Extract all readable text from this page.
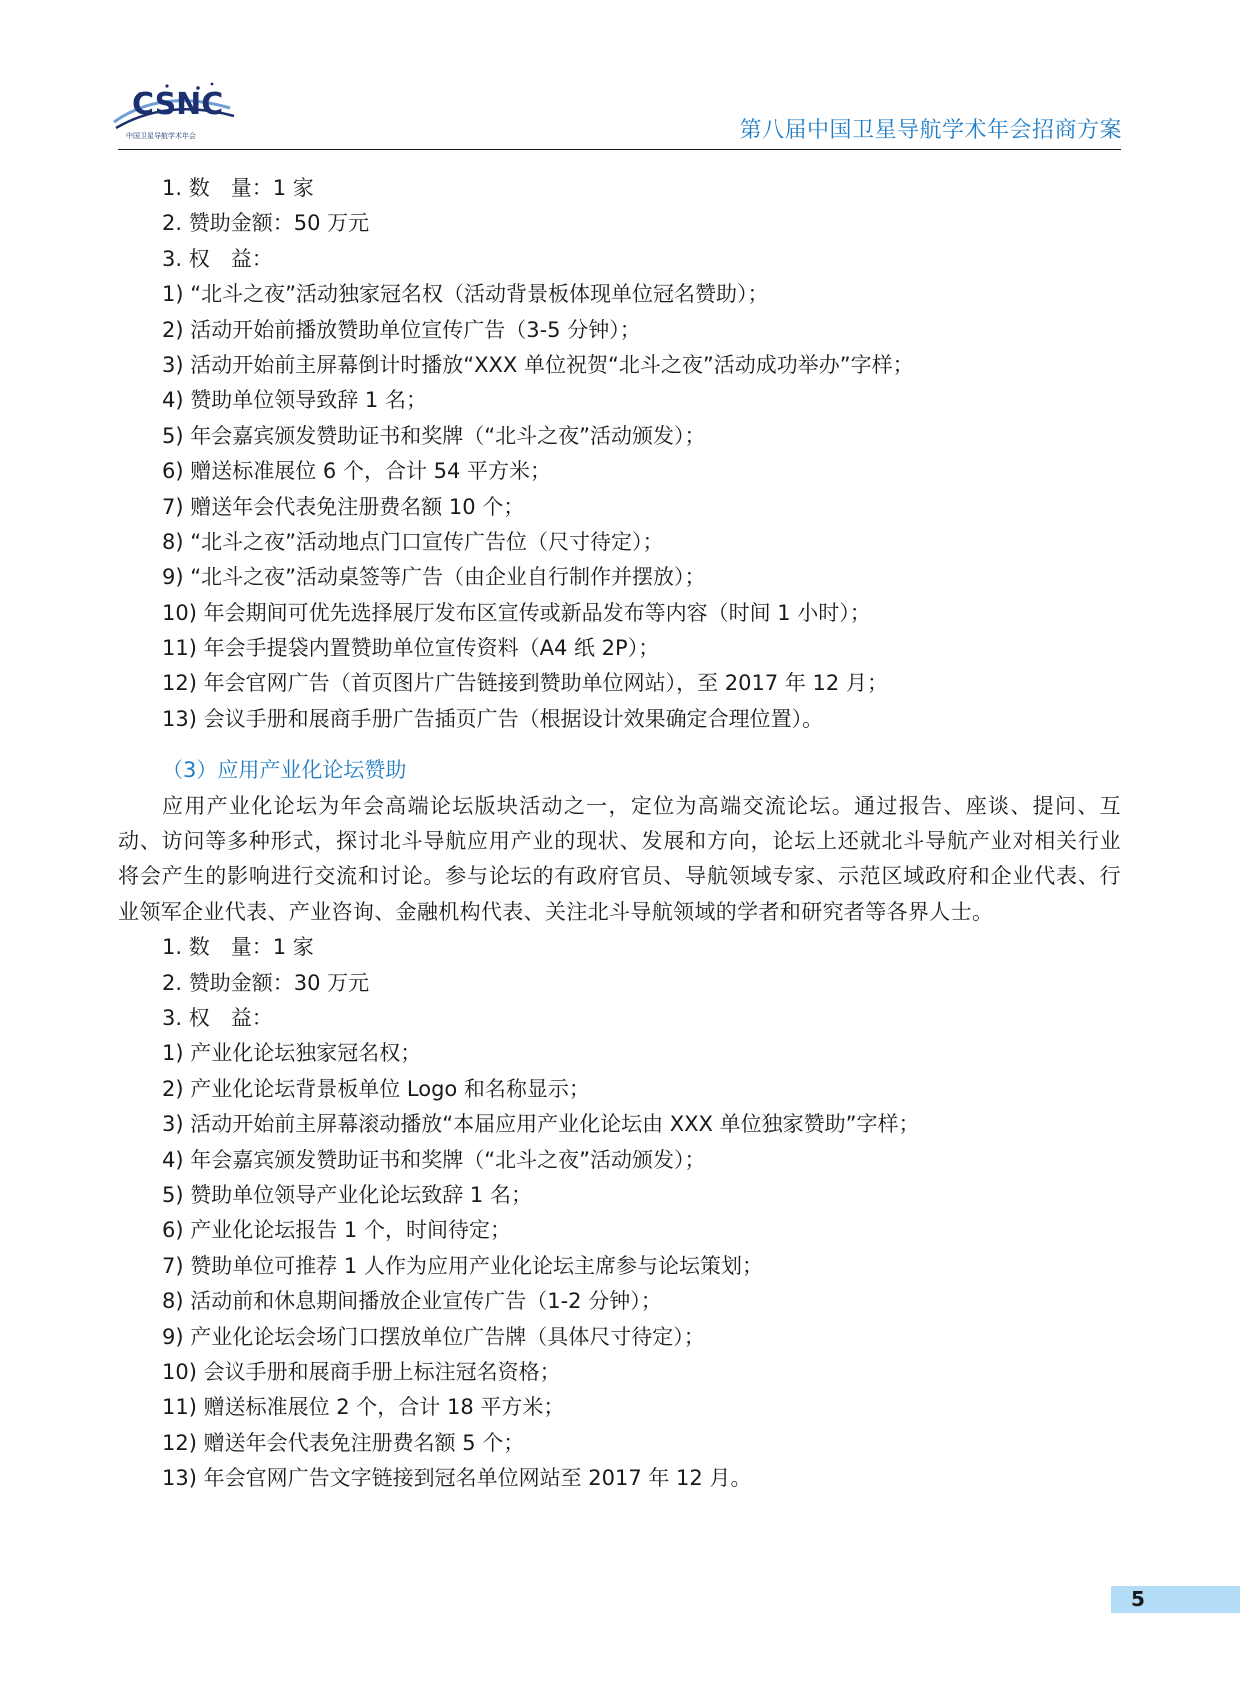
CSNC
中国卫星导航学术年会	第八届中国卫星导航学术年会招商方案
1. 数　量：1 家
2. 赞助金额：50 万元
3. 权　益：
1) “北斗之夜”活动独家冠名权（活动背景板体现单位冠名赞助）；
2) 活动开始前播放赞助单位宣传广告（3-5 分钟）；
3) 活动开始前主屏幕倒计时播放“XXX 单位祝贺“北斗之夜”活动成功举办”字样；
4) 赞助单位领导致辞 1 名；
5) 年会嘉宾颁发赞助证书和奖牌（“北斗之夜”活动颁发）；
6) 赠送标准展位 6 个，合计 54 平方米；
7) 赠送年会代表免注册费名额 10 个；
8) “北斗之夜”活动地点门口宣传广告位（尺寸待定）；
9) “北斗之夜”活动桌签等广告（由企业自行制作并摆放）；
10) 年会期间可优先选择展厅发布区宣传或新品发布等内容（时间 1 小时）；
11) 年会手提袋内置赞助单位宣传资料（A4 纸 2P）；
12) 年会官网广告（首页图片广告链接到赞助单位网站），至 2017 年 12 月；
13) 会议手册和展商手册广告插页广告（根据设计效果确定合理位置）。
（3）应用产业化论坛赞助
应用产业化论坛为年会高端论坛版块活动之一，定位为高端交流论坛。通过报告、座谈、提问、互动、访问等多种形式，探讨北斗导航应用产业的现状、发展和方向，论坛上还就北斗导航产业对相关行业将会产生的影响进行交流和讨论。参与论坛的有政府官员、导航领域专家、示范区域政府和企业代表、行业领军企业代表、产业咨询、金融机构代表、关注北斗导航领域的学者和研究者等各界人士。
1. 数　量：1 家
2. 赞助金额：30 万元
3. 权　益：
1) 产业化论坛独家冠名权；
2) 产业化论坛背景板单位 Logo 和名称显示；
3) 活动开始前主屏幕滚动播放“本届应用产业化论坛由 XXX 单位独家赞助”字样；
4) 年会嘉宾颁发赞助证书和奖牌（“北斗之夜”活动颁发）；
5) 赞助单位领导产业化论坛致辞 1 名；
6) 产业化论坛报告 1 个，时间待定；
7) 赞助单位可推荐 1 人作为应用产业化论坛主席参与论坛策划；
8) 活动前和休息期间播放企业宣传广告（1-2 分钟）；
9) 产业化论坛会场门口摆放单位广告牌（具体尺寸待定）；
10) 会议手册和展商手册上标注冠名资格；
11) 赠送标准展位 2 个，合计 18 平方米；
12) 赠送年会代表免注册费名额 5 个；
13) 年会官网广告文字链接到冠名单位网站至 2017 年 12 月。
5
